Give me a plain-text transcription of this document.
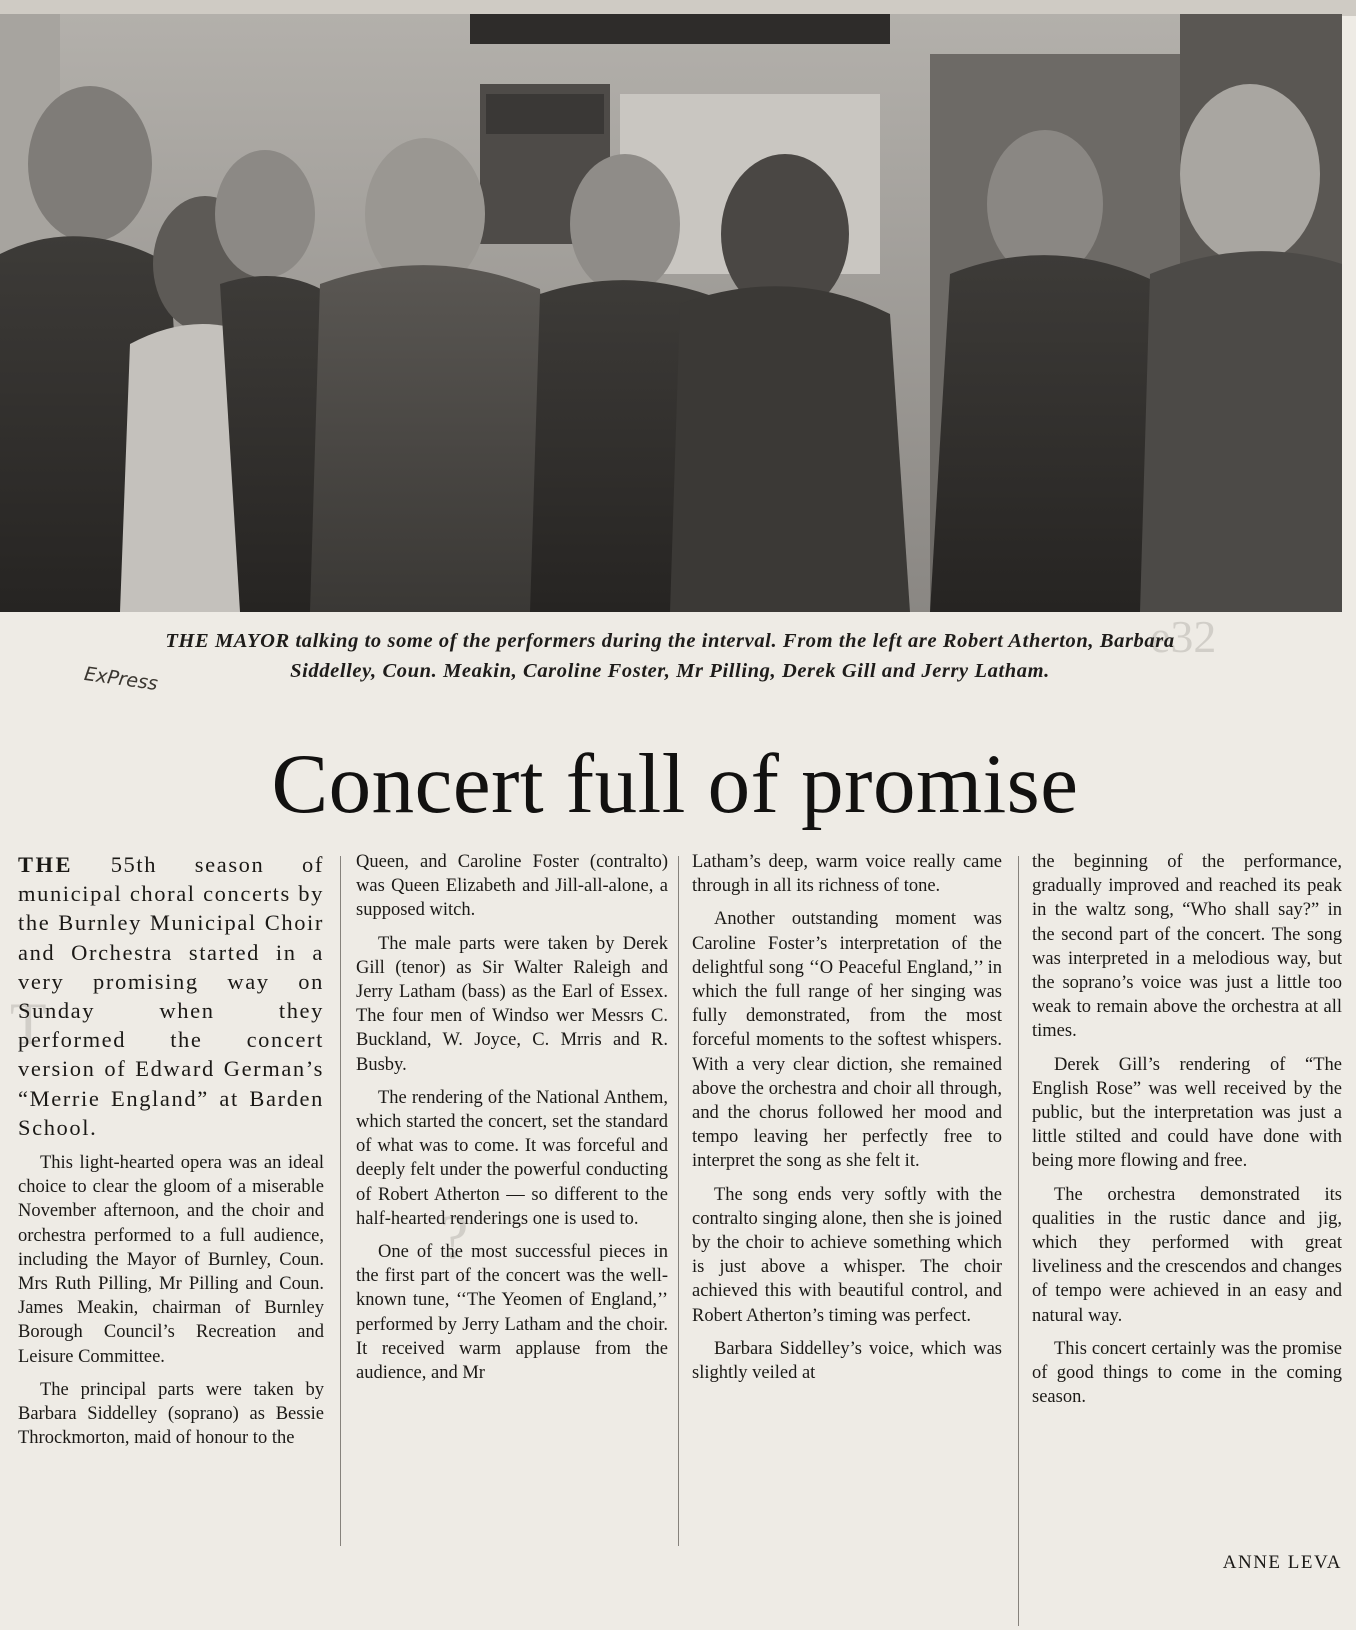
e32
T
?
THE MAYOR talking to some of the performers during the interval. From the left are Robert Atherton, Barbara Siddelley, Coun. Meakin, Caroline Foster, Mr Pilling, Derek Gill and Jerry Latham.
ExPress
Concert full of promise

THE 55th season of municipal choral concerts by the Burnley Municipal Choir and Orchestra started in a very promising way on Sunday when they performed the concert version of Edward German’s “Merrie England” at Barden School.

This light-hearted opera was an ideal choice to clear the gloom of a miserable November afternoon, and the choir and orchestra performed to a full audience, including the Mayor of Burnley, Coun. Mrs Ruth Pilling, Mr Pilling and Coun. James Meakin, chairman of Burnley Borough Council’s Recreation and Leisure Committee.

The principal parts were taken by Barbara Siddelley (soprano) as Bessie Throckmorton, maid of honour to the

Queen, and Caroline Foster (contralto) was Queen Elizabeth and Jill-all-alone, a supposed witch.

The male parts were taken by Derek Gill (tenor) as Sir Walter Raleigh and Jerry Latham (bass) as the Earl of Essex. The four men of Windso wer Messrs C. Buckland, W. Joyce, C. Mrris and R. Busby.

The rendering of the National Anthem, which started the concert, set the standard of what was to come. It was forceful and deeply felt under the powerful conducting of Robert Atherton — so different to the half-hearted renderings one is used to.

One of the most successful pieces in the first part of the concert was the well-known tune, ‘‘The Yeomen of England,’’ performed by Jerry Latham and the choir. It received warm applause from the audience, and Mr

Latham’s deep, warm voice really came through in all its richness of tone.

Another outstanding moment was Caroline Foster’s interpretation of the delightful song ‘‘O Peaceful England,’’ in which the full range of her singing was fully demonstrated, from the most forceful moments to the softest whispers. With a very clear diction, she remained above the orchestra and choir all through, and the chorus followed her mood and tempo leaving her perfectly free to interpret the song as she felt it.

The song ends very softly with the contralto singing alone, then she is joined by the choir to achieve something which is just above a whisper. The choir achieved this with beautiful control, and Robert Atherton’s timing was perfect.

Barbara Siddelley’s voice, which was slightly veiled at

the beginning of the performance, gradually improved and reached its peak in the waltz song, “Who shall say?” in the second part of the concert. The song was interpreted in a melodious way, but the soprano’s voice was just a little too weak to remain above the orchestra at all times.

Derek Gill’s rendering of “The English Rose” was well received by the public, but the interpretation was just a little stilted and could have done with being more flowing and free.

The orchestra demonstrated its qualities in the rustic dance and jig, which they performed with great liveliness and the crescendos and changes of tempo were achieved in an easy and natural way.

This concert certainly was the promise of good things to come in the coming season.

ANNE LEVA
